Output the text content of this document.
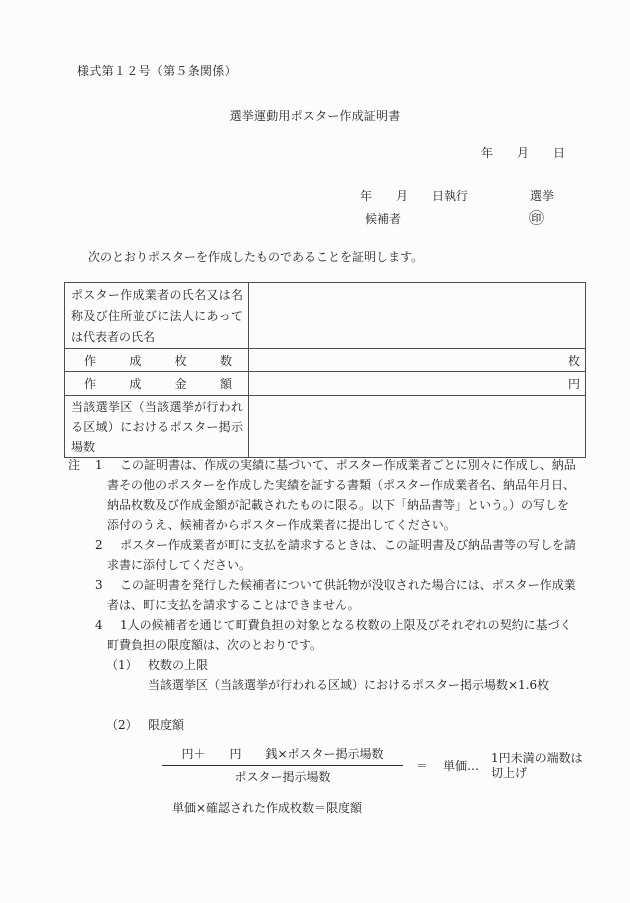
様式第１２号（第５条関係）
選挙運動用ポスター作成証明書
年　　月　　日
年　　月　　日執行	選挙
候補者	㊞
次のとおりポスターを作成したものであることを証明します。
ポスター作成業者の氏名又は名称及び住所並びに法人にあっては代表者の氏名	
作成枚数	枚
作成金額	円
当該選挙区（当該選挙が行われる区域）におけるポスター掲示場数	
注 1 この証明書は、作成の実績に基づいて、ポスター作成業者ごとに別々に作成し、納品
書その他のポスターを作成した実績を証する書類（ポスター作成業者名、納品年月日、
納品枚数及び作成金額が記載されたものに限る。以下「納品書等」という。）の写しを
添付のうえ、候補者からポスター作成業者に提出してください。
2 ポスター作成業者が町に支払を請求するときは、この証明書及び納品書等の写しを請
求書に添付してください。
3 この証明書を発行した候補者について供託物が没収された場合には、ポスター作成業
者は、町に支払を請求することはできません。
4 1人の候補者を通じて町費負担の対象となる枚数の上限及びそれぞれの契約に基づく
町費負担の限度額は、次のとおりです。
（1） 枚数の上限
当該選挙区（当該選挙が行われる区域）におけるポスター掲示場数×1.6枚
（2） 限度額
$\frac{\text{円＋　　円　　銭×ポスター掲示場数}}{\text{ポスター掲示場数}}$ ＝ 単価…
1円未満の端数は
切上げ
単価×確認された作成枚数＝限度額
